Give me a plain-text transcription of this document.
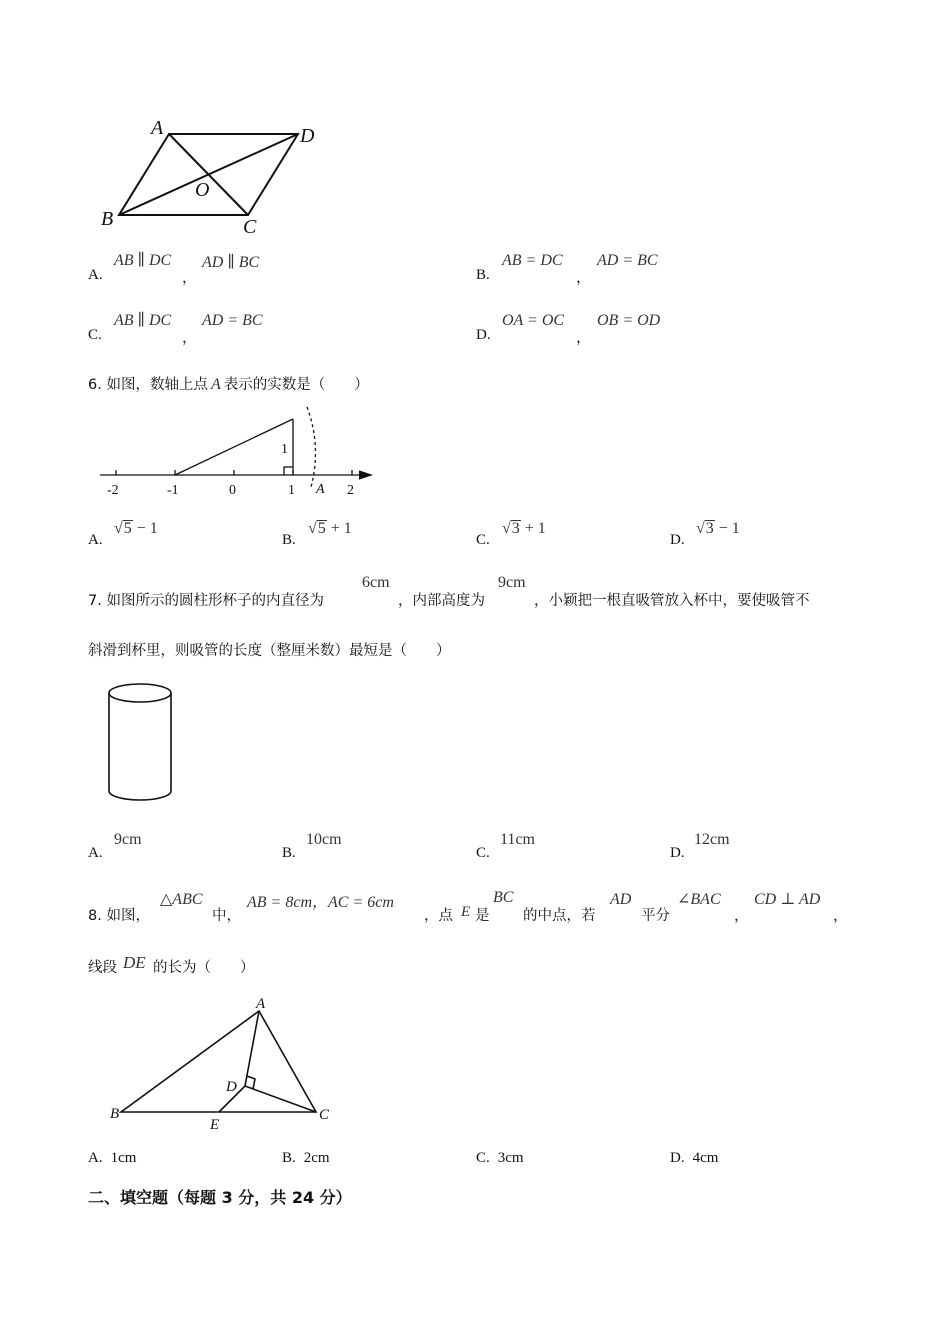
A	D
O
B	C
A.
AB ∥ DC
，
AD ∥ BC
B.
AB = DC
，
AD = BC
C.
AB ∥ DC
，
AD = BC
D.
OA = OC
，
OB = OD
6. 如图，数轴上点 A 表示的实数是（　　）
-2	-1	0	1	2
1
A
A.
√5 − 1
B.
√5 + 1
C.
√3 + 1
D.
√3 − 1
7. 如图所示的圆柱形杯子的内直径为
6cm
，内部高度为
9cm
，小颖把一根直吸管放入杯中，要使吸管不
斜滑到杯里，则吸管的长度（整厘米数）最短是（　　）
A.
9cm
B.
10cm
C.
11cm
D.
12cm
8. 如图，
△ABC
中，
AB = 8cm，AC = 6cm
，点 E 是
BC
的中点，若
AD
平分
∠BAC
，
CD ⊥ AD
，
线段 DE 的长为（　　）
A
D
B	C
E
A. 1cm	B. 2cm	C. 3cm	D. 4cm
二、填空题（每题 3 分，共 24 分）
